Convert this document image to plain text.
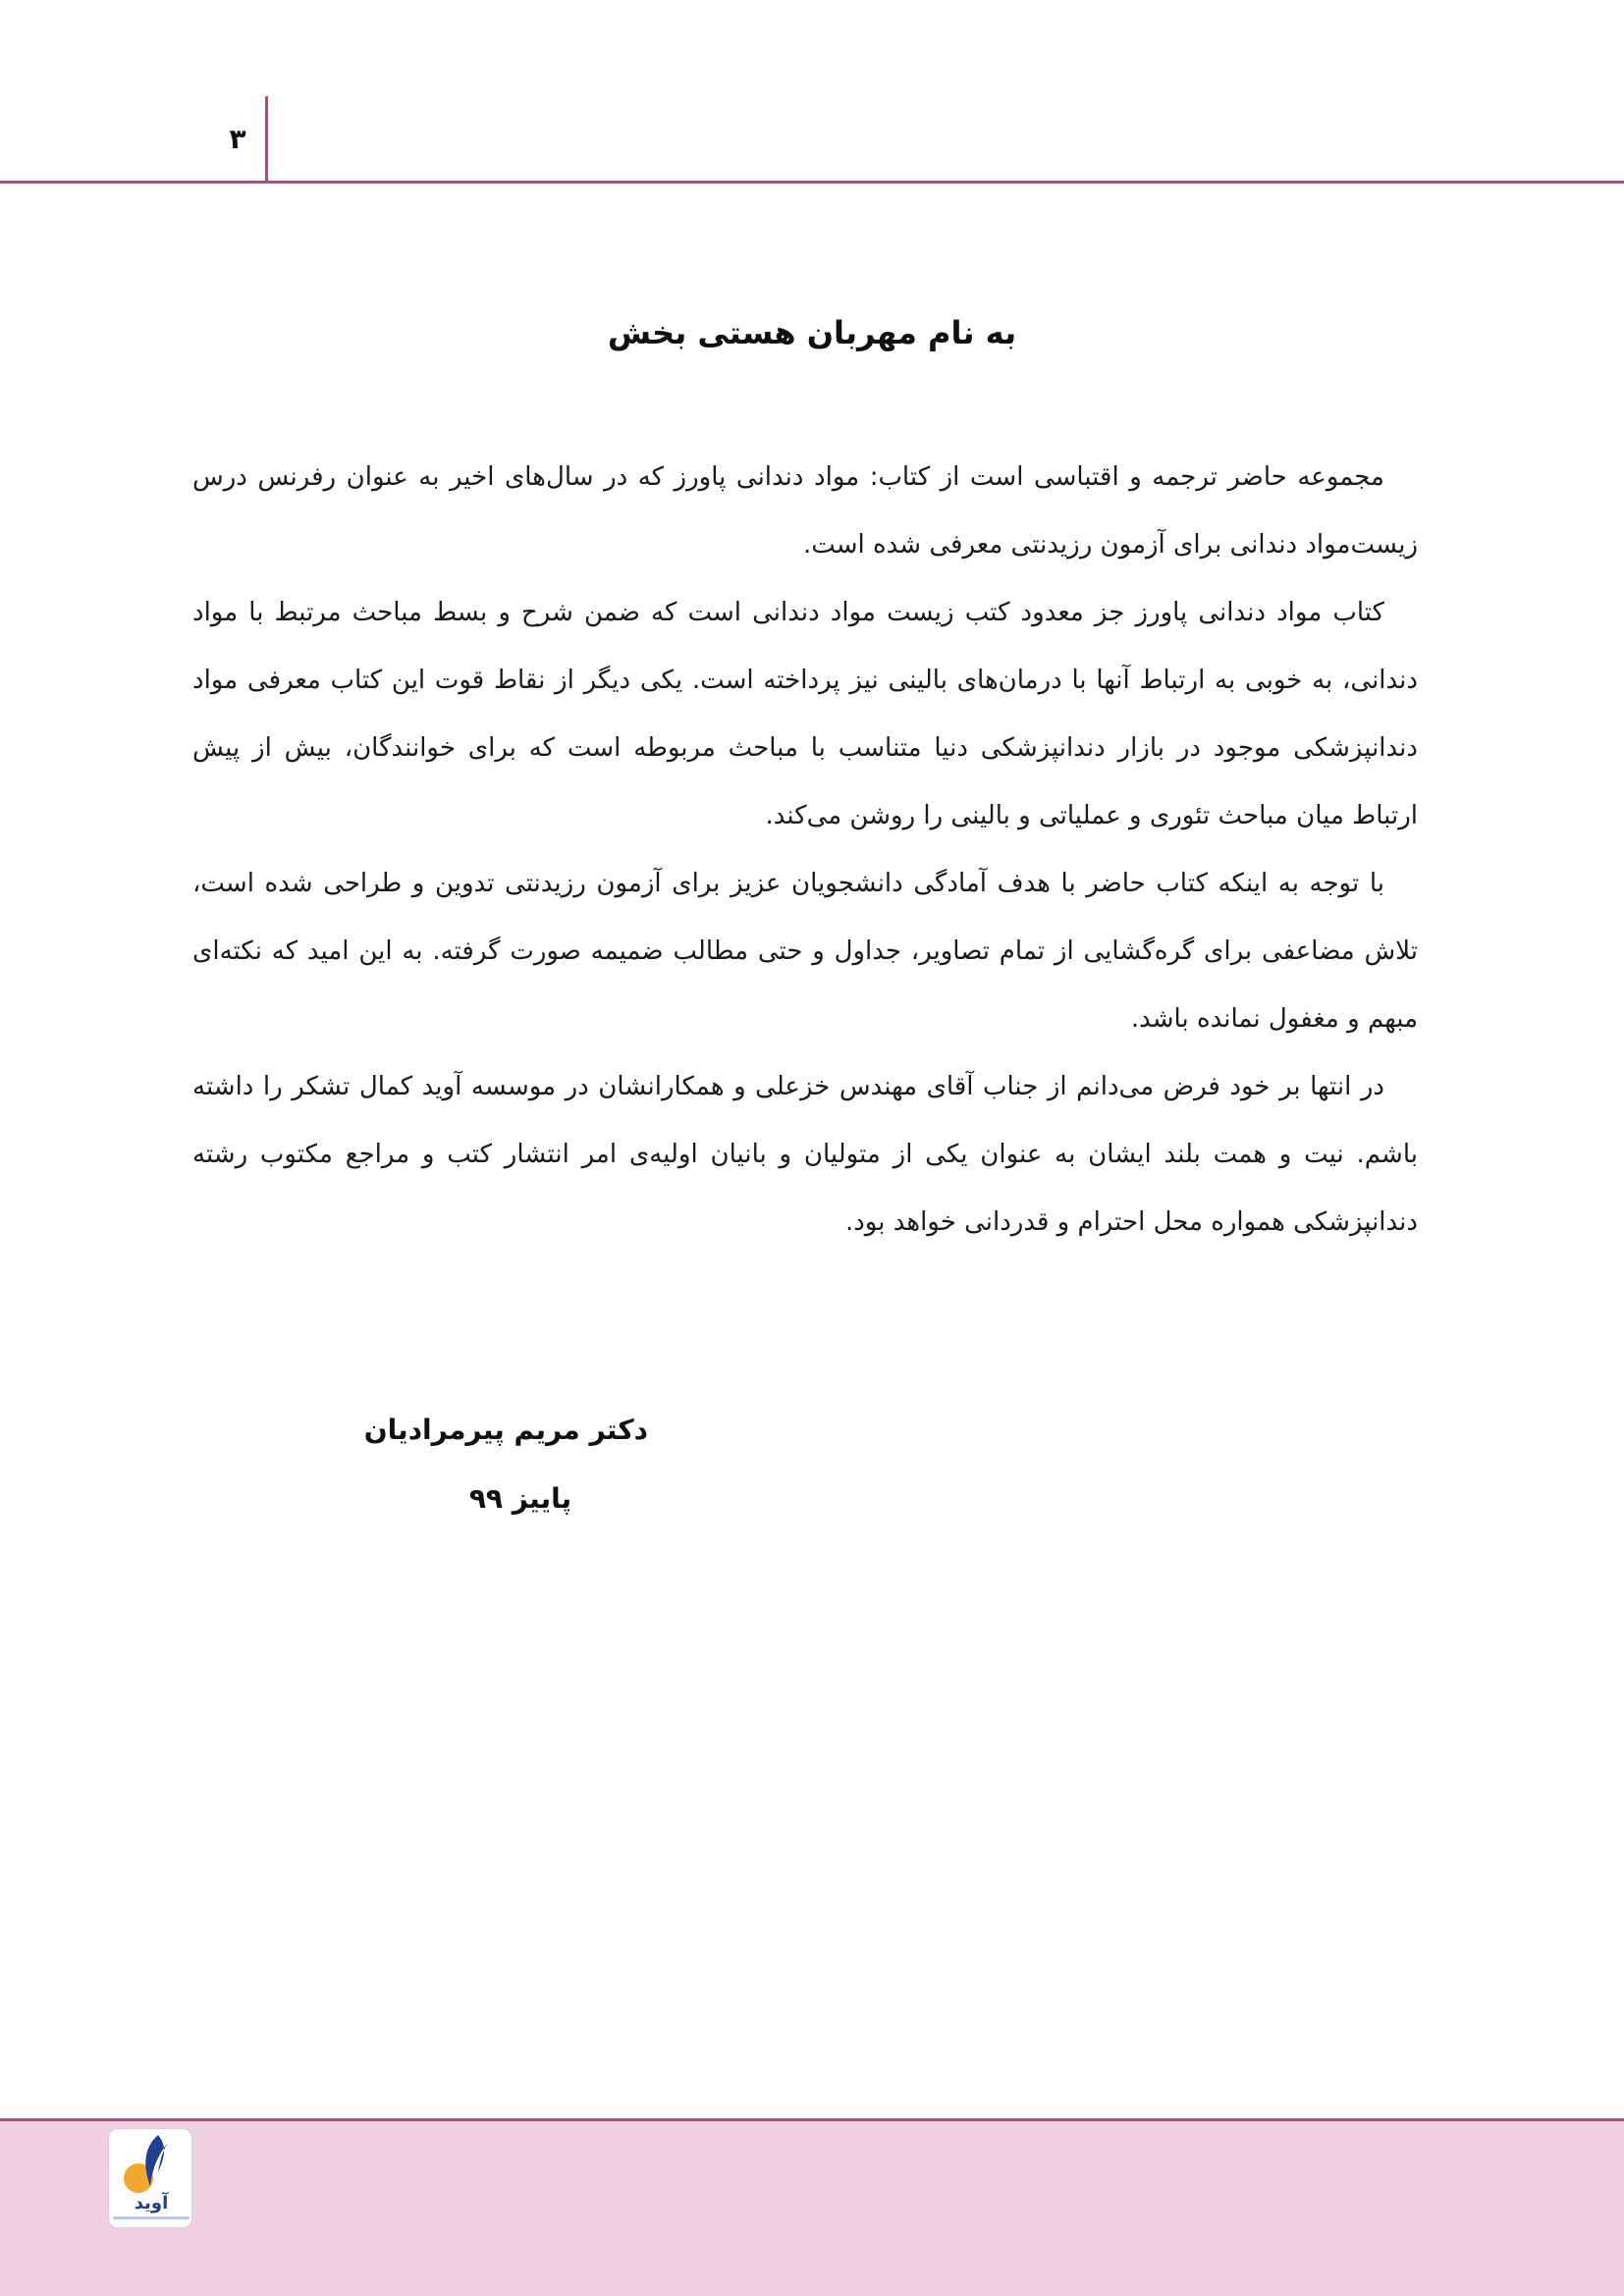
۳
به نام مهربان هستی بخش

مجموعه حاضر ترجمه و اقتباسی است از کتاب: مواد دندانی پاورز که در سال‌های اخیر به عنوان رفرنس درس زیست‌مواد دندانی برای آزمون رزیدنتی معرفی شده است.

کتاب مواد دندانی پاورز جز معدود کتب زیست مواد دندانی است که ضمن شرح و بسط مباحث مرتبط با مواد دندانی، به خوبی به ارتباط آنها با درمان‌های بالینی نیز پرداخته است. یکی دیگر از نقاط قوت این کتاب معرفی مواد دندانپزشکی موجود در بازار دندانپزشکی دنیا متناسب با مباحث مربوطه است که برای خوانندگان، بیش از پیش ارتباط میان مباحث تئوری و عملیاتی و بالینی را روشن می‌کند.

با توجه به اینکه کتاب حاضر با هدف آمادگی دانشجویان عزیز برای آزمون رزیدنتی تدوین و طراحی شده است، تلاش مضاعفی برای گره‌گشایی از تمام تصاویر، جداول و حتی مطالب ضمیمه صورت گرفته. به این امید که نکته‌ای مبهم و مغفول نمانده باشد.

در انتها بر خود فرض می‌دانم از جناب آقای مهندس خزعلی و همکارانشان در موسسه آوید کمال تشکر را داشته باشم. نیت و همت بلند ایشان به عنوان یکی از متولیان و بانیان اولیه‌ی امر انتشار کتب و مراجع مکتوب رشته دندانپزشکی همواره محل احترام و قدردانی خواهد بود.

دکتر مریم پیرمرادیان
پاییز ۹۹
آوید
